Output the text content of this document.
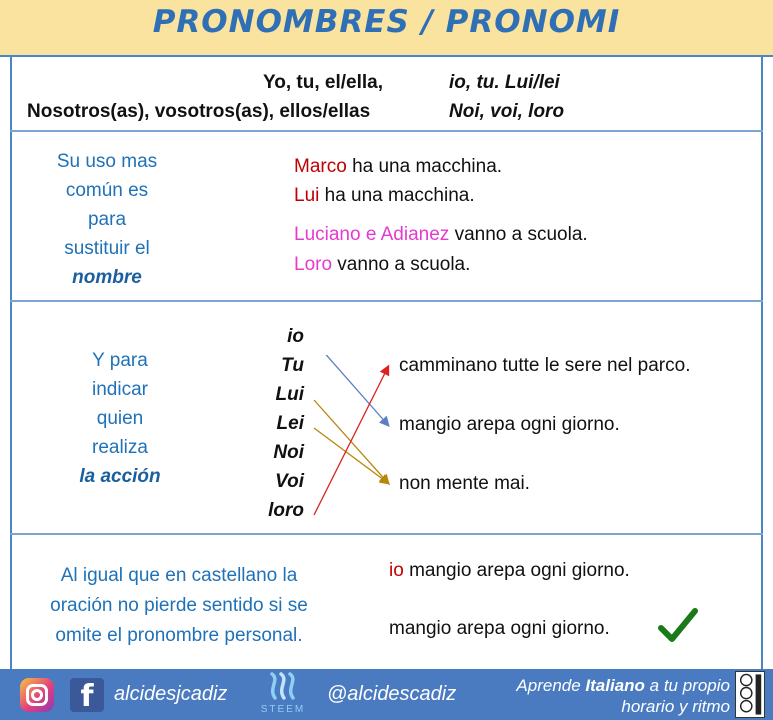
PRONOMBRES / PRONOMI
Yo, tu, el/ella,
Nosotros(as), vosotros(as), ellos/ellas
io, tu. Lui/lei
Noi, voi, loro
Su uso mas
común es
para
sustituir el
nombre
Marco ha una macchina.
Lui ha una macchina.
Luciano e Adianez vanno a scuola.
Loro vanno a scuola.
Y para
indicar
quien
realiza
la acción
io
Tu
Lui
Lei
Noi
Voi
loro
camminano tutte le sere nel parco.
mangio arepa ogni giorno.
non mente mai.
Al igual que en castellano la
oración no pierde sentido si se
omite el pronombre personal.
io mangio arepa ogni giorno.
mangio arepa ogni giorno.
f	alcidesjcadiz
STEEM
@alcidescadiz	Aprende Italiano a tu propio
horario y ritmo
